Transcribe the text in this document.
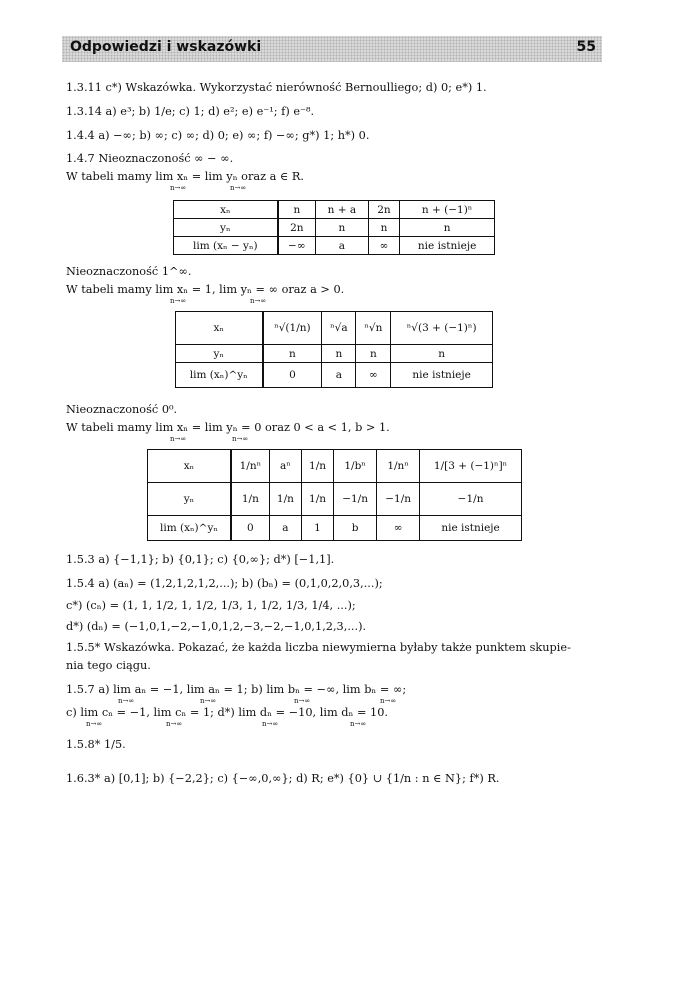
Odpowiedzi i wskazówki	55
1.3.11 c*) Wskazówka. Wykorzystać nierówność Bernoulliego; d) 0; e*) 1.
1.3.14 a) e³; b) 1/e; c) 1; d) e²; e) e⁻¹; f) e⁻⁸.
1.4.4 a) −∞; b) ∞; c) ∞; d) 0; e) ∞; f) −∞; g*) 1; h*) 0.
1.4.7 Nieoznaczoność ∞ − ∞.
W tabeli mamy lim xₙ = lim yₙ oraz a ∈ R.
n→∞	n→∞
xₙ	n	n + a	2n	n + (−1)ⁿ
yₙ	2n	n	n	n
lim (xₙ − yₙ)	−∞	a	∞	nie istnieje
Nieoznaczoność 1^∞.
W tabeli mamy lim xₙ = 1, lim yₙ = ∞ oraz a > 0.
n→∞	n→∞
xₙ	ⁿ√(1/n)	ⁿ√a	ⁿ√n	ⁿ√(3 + (−1)ⁿ)
yₙ	n	n	n	n
lim (xₙ)^yₙ	0	a	∞	nie istnieje
Nieoznaczoność 0⁰.
W tabeli mamy lim xₙ = lim yₙ = 0 oraz 0 < a < 1, b > 1.
n→∞	n→∞
xₙ	1/nⁿ	aⁿ	1/n	1/bⁿ	1/nⁿ	1/[3 + (−1)ⁿ]ⁿ
yₙ	1/n	1/n	1/n	−1/n	−1/n	−1/n
lim (xₙ)^yₙ	0	a	1	b	∞	nie istnieje
1.5.3 a) {−1,1}; b) {0,1}; c) {0,∞}; d*) [−1,1].
1.5.4 a) (aₙ) = (1,2,1,2,1,2,...); b) (bₙ) = (0,1,0,2,0,3,...);
c*) (cₙ) = (1, 1, 1/2, 1, 1/2, 1/3, 1, 1/2, 1/3, 1/4, ...);
d*) (dₙ) = (−1,0,1,−2,−1,0,1,2,−3,−2,−1,0,1,2,3,...).
1.5.5* Wskazówka. Pokazać, że każda liczba niewymierna byłaby także punktem skupie-
nia tego ciągu.
1.5.7 a) lim aₙ = −1, lim aₙ = 1; b) lim bₙ = −∞, lim bₙ = ∞;
n→∞	n→∞	n→∞	n→∞
c) lim cₙ = −1, lim cₙ = 1; d*) lim dₙ = −10, lim dₙ = 10.
n→∞	n→∞	n→∞	n→∞
1.5.8* 1/5.
1.6.3* a) [0,1]; b) {−2,2}; c) {−∞,0,∞}; d) R; e*) {0} ∪ {1/n : n ∈ N}; f*) R.
